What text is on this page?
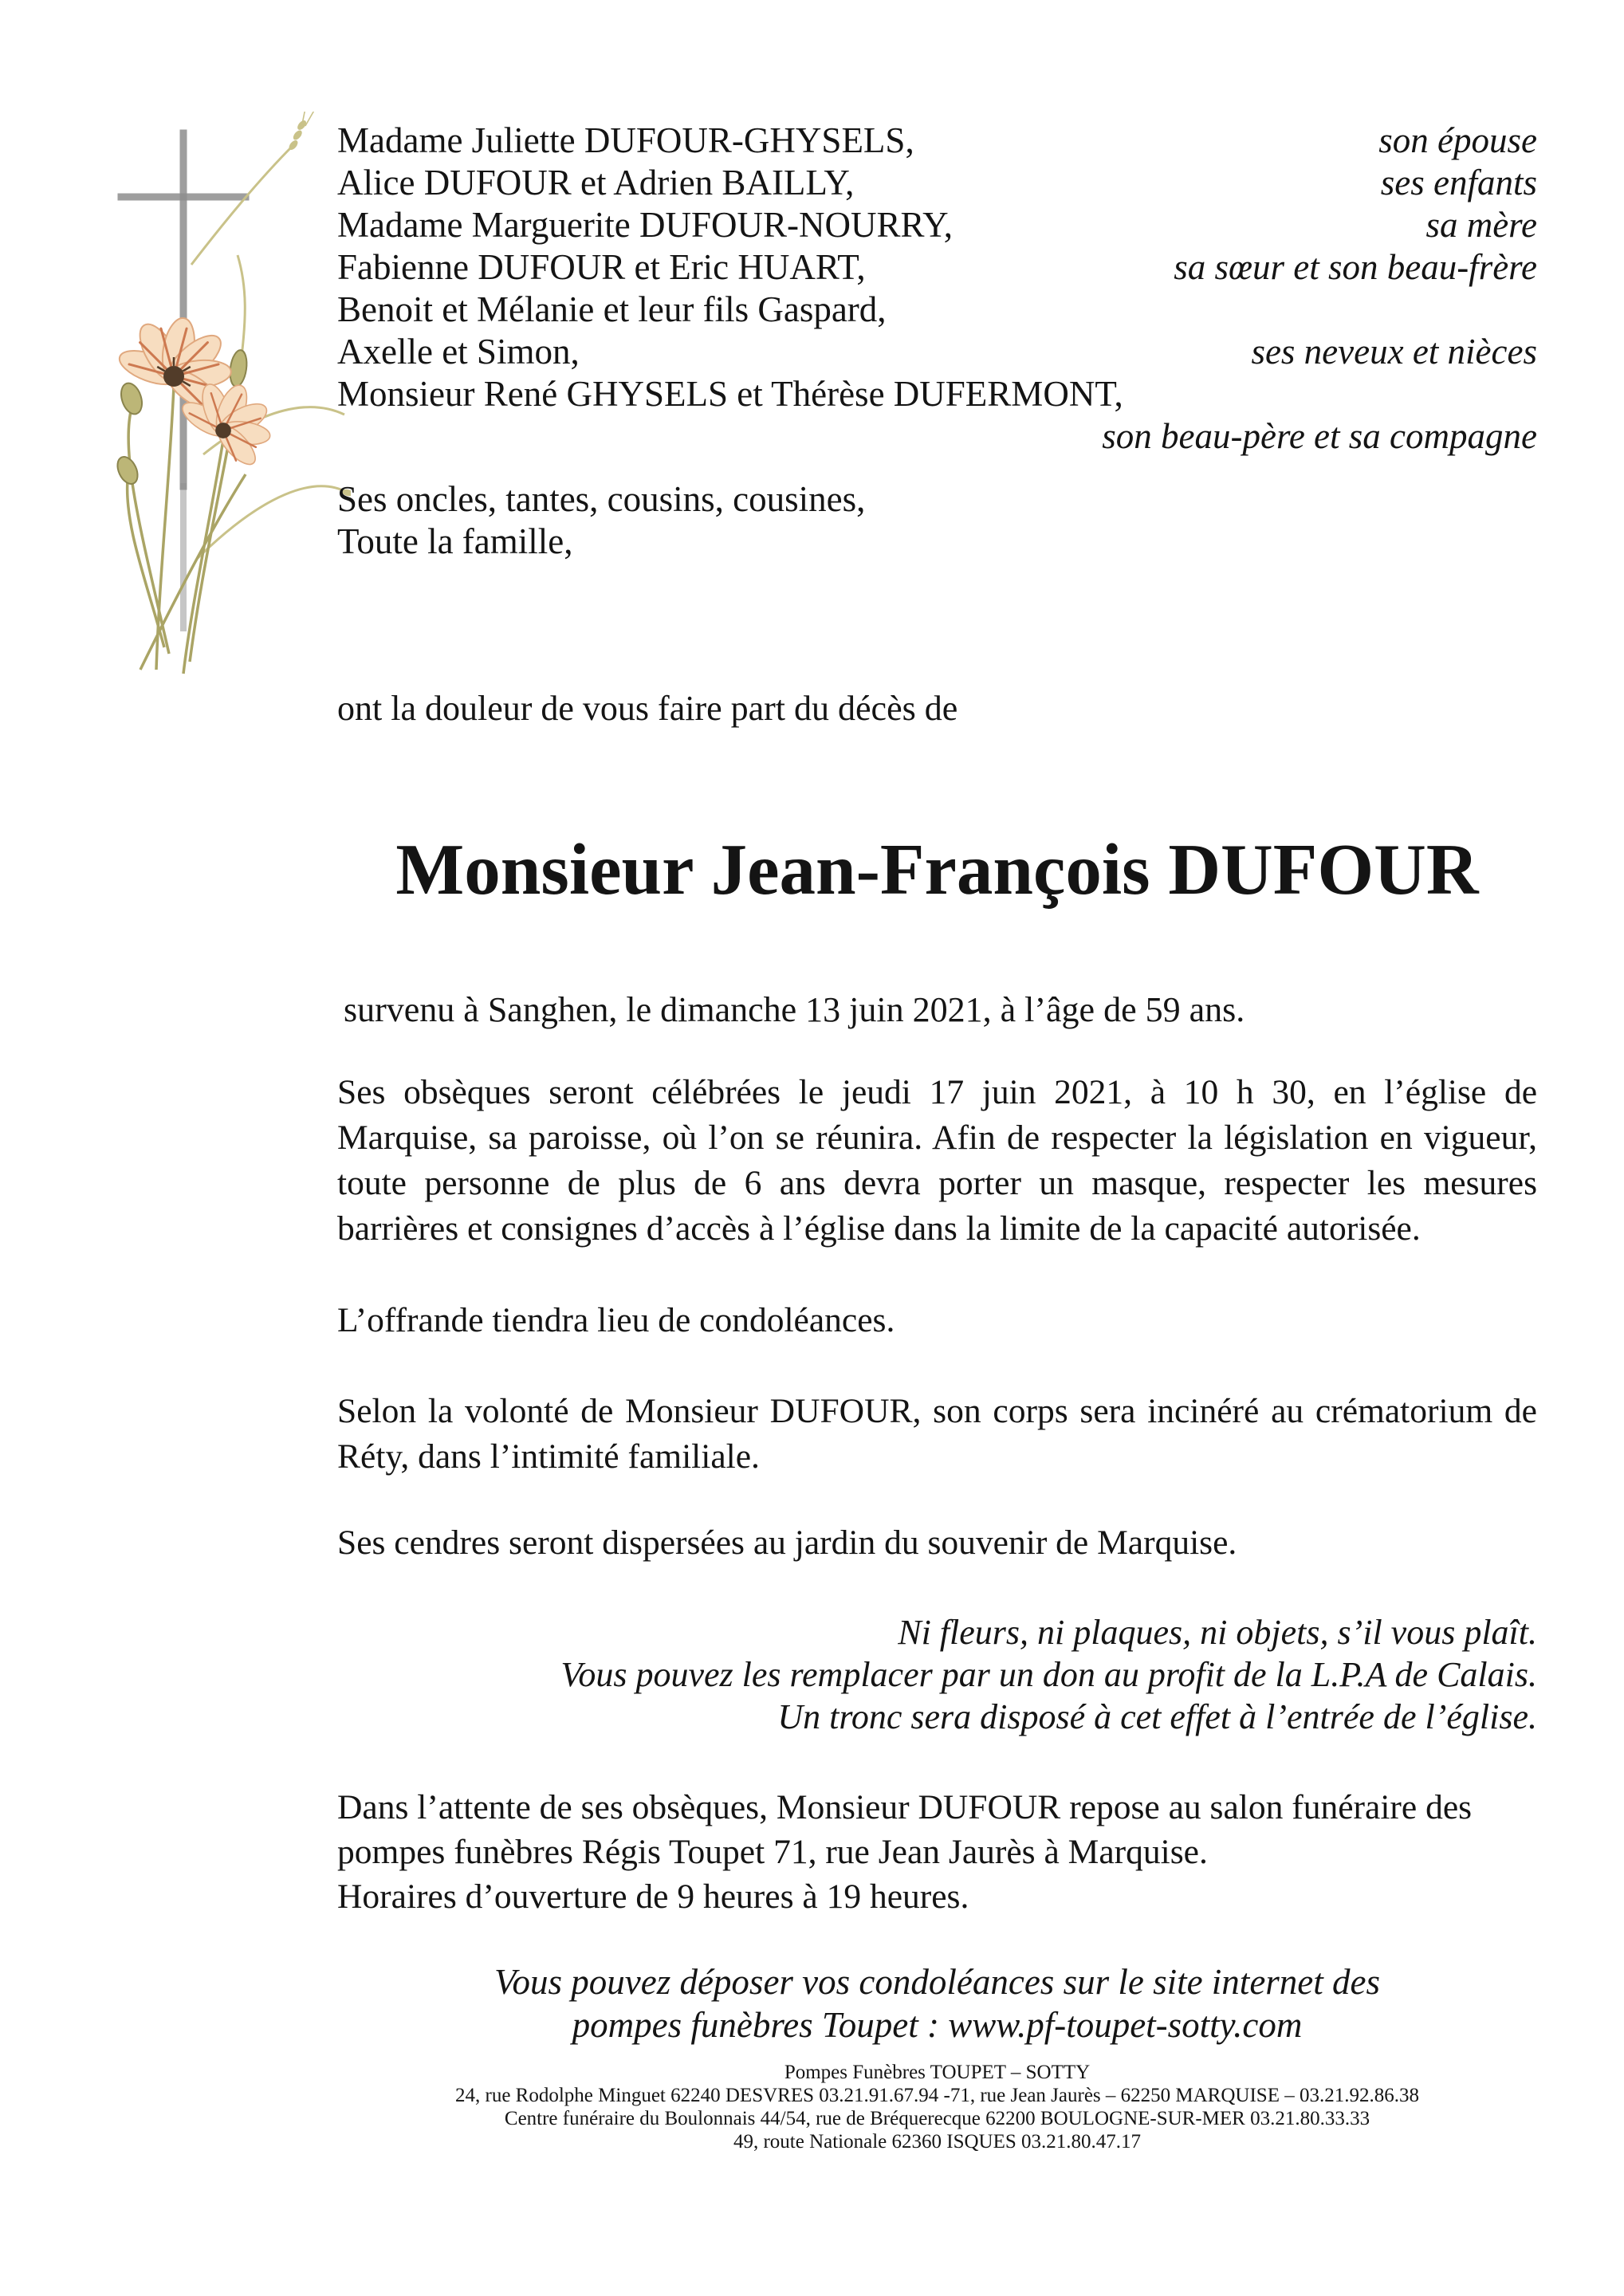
Madame Juliette DUFOUR-GHYSELS,	son épouse
Alice DUFOUR et Adrien BAILLY,	ses enfants
Madame Marguerite DUFOUR-NOURRY,	sa mère
Fabienne DUFOUR et Eric HUART,	sa sœur et son beau-frère
Benoit et Mélanie et leur fils Gaspard,
Axelle et Simon,	ses neveux et nièces
Monsieur René GHYSELS et Thérèse DUFERMONT,
son beau-père et sa compagne
Ses oncles, tantes, cousins, cousines,
Toute la famille,

ont la douleur de vous faire part du décès de

Monsieur Jean-François DUFOUR

survenu à Sanghen, le dimanche 13 juin 2021, à l’âge de 59 ans.

Ses obsèques seront célébrées le jeudi 17 juin 2021, à 10 h 30, en l’église de Marquise, sa paroisse, où l’on se réunira. Afin de respecter la législation en vigueur, toute personne de plus de 6 ans devra porter un masque, respecter les mesures barrières et consignes d’accès à l’église dans la limite de la capacité autorisée.

L’offrande tiendra lieu de condoléances.

Selon la volonté de Monsieur DUFOUR, son corps sera incinéré au crématorium de Réty, dans l’intimité familiale.

Ses cendres seront dispersées au jardin du souvenir de Marquise.

Ni fleurs, ni plaques, ni objets, s’il vous plaît.

Vous pouvez les remplacer par un don au profit de la L.P.A de Calais.

Un tronc sera disposé à cet effet à l’entrée de l’église.

Dans l’attente de ses obsèques, Monsieur DUFOUR repose au salon funéraire des pompes funèbres Régis Toupet 71, rue Jean Jaurès à Marquise.

Horaires d’ouverture de 9 heures à 19 heures.

Vous pouvez déposer vos condoléances sur le site internet des

pompes funèbres Toupet : www.pf-toupet-sotty.com

Pompes Funèbres TOUPET – SOTTY

24, rue Rodolphe Minguet 62240 DESVRES 03.21.91.67.94 -71, rue Jean Jaurès – 62250 MARQUISE – 03.21.92.86.38

Centre funéraire du Boulonnais 44/54, rue de Bréquerecque 62200 BOULOGNE-SUR-MER 03.21.80.33.33

49, route Nationale 62360 ISQUES 03.21.80.47.17
